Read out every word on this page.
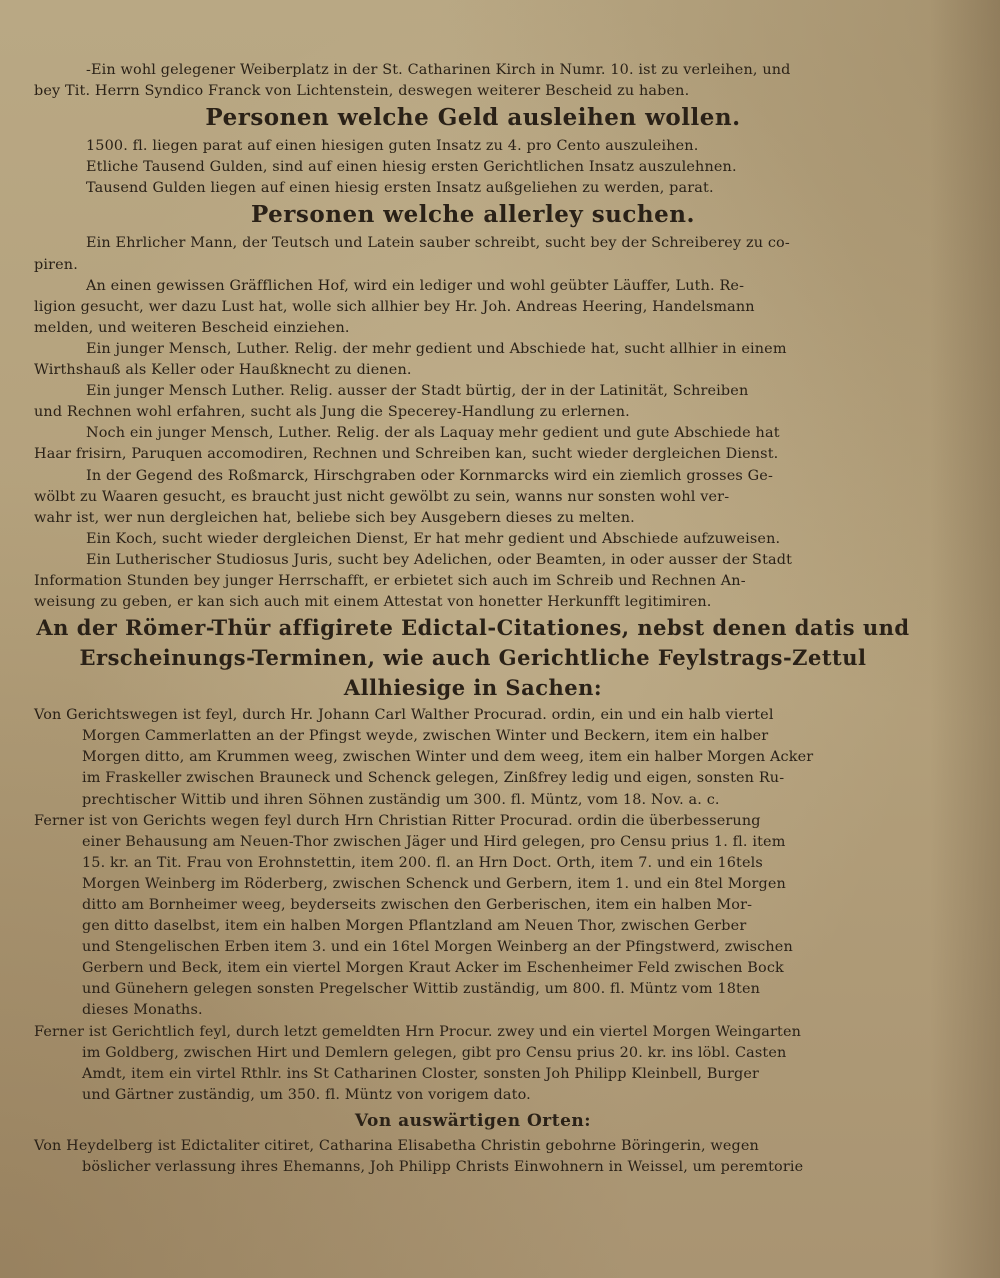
-Ein wohl gelegener Weiberplatz in der St. Catharinen Kirch in Numr. 10. ist zu verleihen, und

bey Tit. Herrn Syndico Franck von Lichtenstein, deswegen weiterer Bescheid zu haben.

Personen welche Geld ausleihen wollen.

1500. fl. liegen parat auf einen hiesigen guten Insatz zu 4. pro Cento auszuleihen.

Etliche Tausend Gulden, sind auf einen hiesig ersten Gerichtlichen Insatz auszulehnen.

Tausend Gulden liegen auf einen hiesig ersten Insatz außgeliehen zu werden, parat.

Personen welche allerley suchen.

Ein Ehrlicher Mann, der Teutsch und Latein sauber schreibt, sucht bey der Schreiberey zu co-

piren.

An einen gewissen Gräfflichen Hof, wird ein lediger und wohl geübter Läuffer, Luth. Re-

ligion gesucht, wer dazu Lust hat, wolle sich allhier bey Hr. Joh. Andreas Heering, Handelsmann

melden, und weiteren Bescheid einziehen.

Ein junger Mensch, Luther. Relig. der mehr gedient und Abschiede hat, sucht allhier in einem

Wirthshauß als Keller oder Haußknecht zu dienen.

Ein junger Mensch Luther. Relig. ausser der Stadt bürtig, der in der Latinität, Schreiben

und Rechnen wohl erfahren, sucht als Jung die Specerey-Handlung zu erlernen.

Noch ein junger Mensch, Luther. Relig. der als Laquay mehr gedient und gute Abschiede hat

Haar frisirn, Paruquen accomodiren, Rechnen und Schreiben kan, sucht wieder dergleichen Dienst.

In der Gegend des Roßmarck, Hirschgraben oder Kornmarcks wird ein ziemlich grosses Ge-

wölbt zu Waaren gesucht, es braucht just nicht gewölbt zu sein, wanns nur sonsten wohl ver-

wahr ist, wer nun dergleichen hat, beliebe sich bey Ausgebern dieses zu melten.

Ein Koch, sucht wieder dergleichen Dienst, Er hat mehr gedient und Abschiede aufzuweisen.

Ein Lutherischer Studiosus Juris, sucht bey Adelichen, oder Beamten, in oder ausser der Stadt

Information Stunden bey junger Herrschafft, er erbietet sich auch im Schreib und Rechnen An-

weisung zu geben, er kan sich auch mit einem Attestat von honetter Herkunfft legitimiren.

An der Römer-Thür affigirete Edictal-Citationes, nebst denen datis und
Erscheinungs-Terminen, wie auch Gerichtliche Feylstrags-Zettul
Allhiesige in Sachen:

Von Gerichtswegen ist feyl, durch Hr. Johann Carl Walther Procurad. ordin, ein und ein halb viertel

Morgen Cammerlatten an der Pfingst weyde, zwischen Winter und Beckern, item ein halber

Morgen ditto, am Krummen weeg, zwischen Winter und dem weeg, item ein halber Morgen Acker

im Fraskeller zwischen Brauneck und Schenck gelegen, Zinßfrey ledig und eigen, sonsten Ru-

prechtischer Wittib und ihren Söhnen zuständig um 300. fl. Müntz, vom 18. Nov. a. c.

Ferner ist von Gerichts wegen feyl durch Hrn Christian Ritter Procurad. ordin die überbesserung

einer Behausung am Neuen-Thor zwischen Jäger und Hird gelegen, pro Censu prius 1. fl. item

15. kr. an Tit. Frau von Erohnstettin, item 200. fl. an Hrn Doct. Orth, item 7. und ein 16tels

Morgen Weinberg im Röderberg, zwischen Schenck und Gerbern, item 1. und ein 8tel Morgen

ditto am Bornheimer weeg, beyderseits zwischen den Gerberischen, item ein halben Mor-

gen ditto daselbst, item ein halben Morgen Pflantzland am Neuen Thor, zwischen Gerber

und Stengelischen Erben item 3. und ein 16tel Morgen Weinberg an der Pfingstwerd, zwischen

Gerbern und Beck, item ein viertel Morgen Kraut Acker im Eschenheimer Feld zwischen Bock

und Günehern gelegen sonsten Pregelscher Wittib zuständig, um 800. fl. Müntz vom 18ten

dieses Monaths.

Ferner ist Gerichtlich feyl, durch letzt gemeldten Hrn Procur. zwey und ein viertel Morgen Weingarten

im Goldberg, zwischen Hirt und Demlern gelegen, gibt pro Censu prius 20. kr. ins löbl. Casten

Amdt, item ein virtel Rthlr. ins St Catharinen Closter, sonsten Joh Philipp Kleinbell, Burger

und Gärtner zuständig, um 350. fl. Müntz von vorigem dato.

Von auswärtigen Orten:

Von Heydelberg ist Edictaliter citiret, Catharina Elisabetha Christin gebohrne Böringerin, wegen

böslicher verlassung ihres Ehemanns, Joh Philipp Christs Einwohnern in Weissel, um peremtorie
